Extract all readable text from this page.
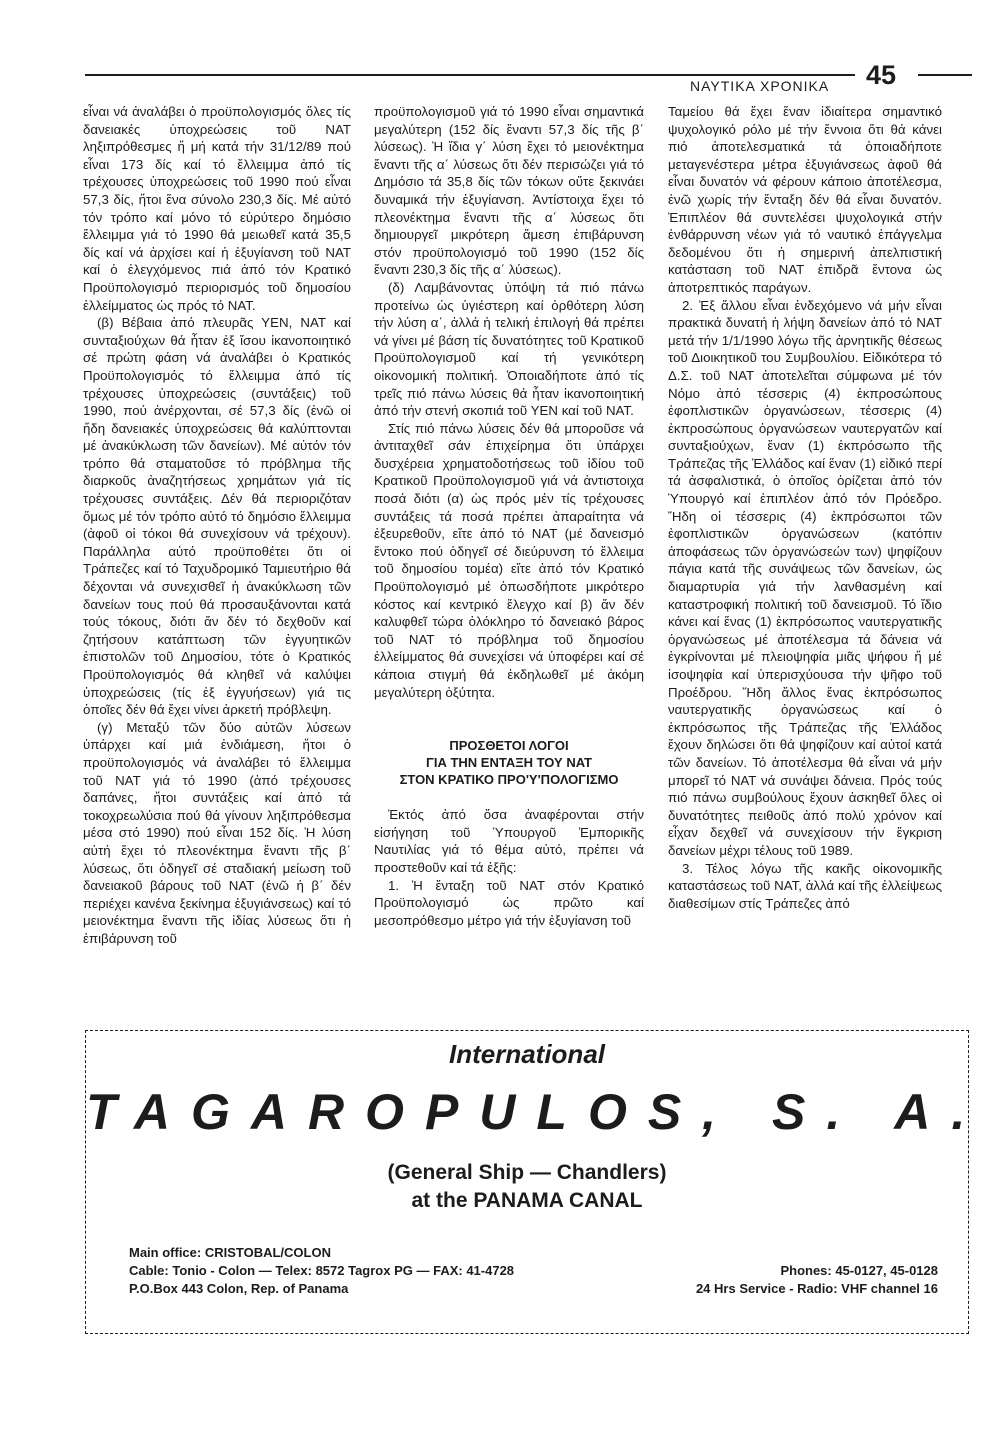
ΝΑΥΤΙΚΑ ΧΡΟΝΙΚΑ 45

εἶναι νά ἀναλάβει ὁ προϋπολογισμός ὅλες τίς δανειακές ὑποχρεώσεις τοῦ ΝΑΤ ληξιπρόθεσμες ἤ μή κατά τήν 31/12/89 πού εἶναι 173 δίς καί τό ἔλλειμμα ἀπό τίς τρέχουσες ὑποχρεώσεις τοῦ 1990 πού εἶναι 57,3 δίς, ἤτοι ἕνα σύνολο 230,3 δίς. Μέ αὐτό τόν τρόπο καί μόνο τό εὐρύτερο δημόσιο ἔλλειμμα γιά τό 1990 θά μειωθεῖ κατά 35,5 δίς καί νά ἀρχίσει καί ἡ ἐξυγίανση τοῦ ΝΑΤ καί ὁ ἐλεγχόμενος πιά ἀπό τόν Κρατικό Προϋπολογισμό περιορισμός τοῦ δημοσίου ἐλλείμματος ὡς πρός τό ΝΑΤ.

(β) Βέβαια ἀπό πλευρᾶς ΥΕΝ, ΝΑΤ καί συνταξιούχων θά ἦταν ἐξ ἴσου ἱκανοποιητικό σέ πρώτη φάση νά ἀναλάβει ὁ Κρατικός Προϋπολογισμός τό ἔλλειμμα ἀπό τίς τρέχουσες ὑποχρεώσεις (συντάξεις) τοῦ 1990, πού ἀνέρχονται, σέ 57,3 δίς (ἐνῶ οἱ ἤδη δανειακές ὑποχρεώσεις θά καλύπτονται μέ ἀνακύκλωση τῶν δανείων). Μέ αὐτόν τόν τρόπο θά σταματοῦσε τό πρόβλημα τῆς διαρκοῦς ἀναζητήσεως χρημάτων γιά τίς τρέχουσες συντάξεις. Δέν θά περιοριζόταν ὅμως μέ τόν τρόπο αὐτό τό δημόσιο ἔλλειμμα (ἀφοῦ οἱ τόκοι θά συνεχίσουν νά τρέχουν). Παράλληλα αὐτό προϋποθέτει ὅτι οἱ Τράπεζες καί τό Ταχυδρομικό Ταμιευτήριο θά δέχονται νά συνεχισθεῖ ἡ ἀνακύκλωση τῶν δανείων τους πού θά προσαυξάνονται κατά τούς τόκους, διότι ἄν δέν τό δεχθοῦν καί ζητήσουν κατάπτωση τῶν ἐγγυητικῶν ἐπιστολῶν τοῦ Δημοσίου, τότε ὁ Κρατικός Προϋπολογισμός θά κληθεῖ νά καλύψει ὑποχρεώσεις (τίς ἐξ ἐγγυήσεων) γιά τις ὁποῖες δέν θά ἔχει νίνει ἀρκετή πρόβλεψη.

(γ) Μεταξύ τῶν δύο αὐτῶν λύσεων ὑπάρχει καί μιά ἐνδιάμεση, ἤτοι ὁ προϋπολογισμός νά ἀναλάβει τό ἔλλειμμα τοῦ ΝΑΤ γιά τό 1990 (ἀπό τρέχουσες δαπάνες, ἤτοι συντάξεις καί ἀπό τά τοκοχρεωλύσια πού θά γίνουν ληξιπρόθεσμα μέσα στό 1990) πού εἶναι 152 δίς. Ἡ λύση αὐτή ἔχει τό πλεονέκτημα ἔναντι τῆς β΄ λύσεως, ὅτι ὁδηγεῖ σέ σταδιακή μείωση τοῦ δανειακοῦ βάρους τοῦ ΝΑΤ (ἐνῶ ἡ β΄ δέν περιέχει κανένα ξεκίνημα ἐξυγιάνσεως) καί τό μειονέκτημα ἔναντι τῆς ἰδίας λύσεως ὅτι ἡ ἐπιβάρυνση τοῦ

προϋπολογισμοῦ γιά τό 1990 εἶναι σημαντικά μεγαλύτερη (152 δίς ἔναντι 57,3 δίς τῆς β΄ λύσεως). Ἡ ἴδια γ΄ λύση ἔχει τό μειονέκτημα ἔναντι τῆς α΄ λύσεως ὅτι δέν περισώζει γιά τό Δημόσιο τά 35,8 δίς τῶν τόκων οὔτε ξεκινάει δυναμικά τήν ἐξυγίανση. Ἀντίστοιχα ἔχει τό πλεονέκτημα ἔναντι τῆς α΄ λύσεως ὅτι δημιουργεῖ μικρότερη ἄμεση ἐπιβάρυνση στόν προϋπολογισμό τοῦ 1990 (152 δίς ἔναντι 230,3 δίς τῆς α΄ λύσεως).

(δ) Λαμβάνοντας ὑπόψη τά πιό πάνω προτείνω ὡς ὑγιέστερη καί ὀρθότερη λύση τήν λύση α΄, ἀλλά ἡ τελική ἐπιλογή θά πρέπει νά γίνει μέ βάση τίς δυνατότητες τοῦ Κρατικοῦ Προϋπολογισμοῦ καί τή γενικότερη οἰκονομική πολιτική. Ὁποιαδήποτε ἀπό τίς τρεῖς πιό πάνω λύσεις θά ἦταν ἱκανοποιητική ἀπό τήν στενή σκοπιά τοῦ ΥΕΝ καί τοῦ ΝΑΤ.

Στίς πιό πάνω λύσεις δέν θά μποροῦσε νά ἀντιταχθεῖ σάν ἐπιχείρημα ὅτι ὑπάρχει δυσχέρεια χρηματοδοτήσεως τοῦ ἰδίου τοῦ Κρατικοῦ Προϋπολογισμοῦ γιά νά ἀντιστοιχα ποσά διότι (α) ὡς πρός μέν τίς τρέχουσες συντάξεις τά ποσά πρέπει ἀπαραίτητα νά ἐξευρεθοῦν, εἴτε ἀπό τό ΝΑΤ (μέ δανεισμό ἔντοκο πού ὁδηγεῖ σέ διεύρυνση τό ἔλλειμα τοῦ δημοσίου τομέα) εἴτε ἀπό τόν Κρατικό Προϋπολογισμό μέ ὁπωσδήποτε μικρότερο κόστος καί κεντρικό ἔλεγχο καί β) ἄν δέν καλυφθεῖ τώρα ὁλόκληρο τό δανειακό βάρος τοῦ ΝΑΤ τό πρόβλημα τοῦ δημοσίου ἐλλείμματος θά συνεχίσει νά ὑποφέρει καί σέ κάποια στιγμή θά ἐκδηλωθεῖ μέ ἀκόμη μεγαλύτερη ὀξύτητα.

ΠΡΟΣΘΕΤΟΙ ΛΟΓΟΙ
ΓΙΑ ΤΗΝ ΕΝΤΑΞΗ ΤΟΥ ΝΑΤ
ΣΤΟΝ ΚΡΑΤΙΚΟ ΠΡΟ'Υ'ΠΟΛΟΓΙΣΜΟ

Ἐκτός ἀπό ὅσα ἀναφέρονται στήν εἰσήγηση τοῦ Ὑπουργοῦ Ἐμπορικῆς Ναυτιλίας γιά τό θέμα αὐτό, πρέπει νά προστεθοῦν καί τά ἑξῆς:

1. Ἡ ἔνταξη τοῦ ΝΑΤ στόν Κρατικό Προϋπολογισμό ὡς πρῶτο καί μεσοπρόθεσμο μέτρο γιά τήν ἐξυγίανση τοῦ

Ταμείου θά ἔχει ἕναν ἰδιαίτερα σημαντικό ψυχολογικό ρόλο μέ τήν ἔννοια ὅτι θά κάνει πιό ἀποτελεσματικά τά ὁποιαδήποτε μεταγενέστερα μέτρα ἐξυγιάνσεως ἀφοῦ θά εἶναι δυνατόν νά φέρουν κάποιο ἀποτέλεσμα, ἐνῶ χωρίς τήν ἔνταξη δέν θά εἶναι δυνατόν. Ἐπιπλέον θά συντελέσει ψυχολογικά στήν ἐνθάρρυνση νέων γιά τό ναυτικό ἐπάγγελμα δεδομένου ὅτι ἡ σημερινή ἀπελπιστική κατάσταση τοῦ ΝΑΤ ἐπιδρᾶ ἔντονα ὡς ἀποτρεπτικός παράγων.

2. Ἐξ ἄλλου εἶναι ἐνδεχόμενο νά μήν εἶναι πρακτικά δυνατή ἡ λήψη δανείων ἀπό τό ΝΑΤ μετά τήν 1/1/1990 λόγω τῆς ἀρνητικῆς θέσεως τοῦ Διοικητικοῦ του Συμβουλίου. Εἰδικότερα τό Δ.Σ. τοῦ ΝΑΤ ἀποτελεῖται σύμφωνα μέ τόν Νόμο ἀπό τέσσερις (4) ἐκπροσώπους ἐφοπλιστικῶν ὀργανώσεων, τέσσερις (4) ἐκπροσώπους ὀργανώσεων ναυτεργατῶν καί συνταξιούχων, ἕναν (1) ἐκπρόσωπο τῆς Τράπεζας τῆς Ἑλλάδος καί ἕναν (1) εἰδικό περί τά ἀσφαλιστικά, ὁ ὁποῖος ὁρίζεται ἀπό τόν Ὑπουργό καί ἐπιπλέον ἀπό τόν Πρόεδρο. Ἤδη οἱ τέσσερις (4) ἐκπρόσωποι τῶν ἐφοπλιστικῶν ὀργανώσεων (κατόπιν ἀποφάσεως τῶν ὀργανώσεών των) ψηφίζουν πάγια κατά τῆς συνάψεως τῶν δανείων, ὡς διαμαρτυρία γιά τήν λανθασμένη καί καταστροφική πολιτική τοῦ δανεισμοῦ. Τό ἴδιο κάνει καί ἕνας (1) ἐκπρόσωπος ναυτεργατικῆς ὀργανώσεως μέ ἀποτέλεσμα τά δάνεια νά ἐγκρίνονται μέ πλειοψηφία μιᾶς ψήφου ἤ μέ ἰσοψηφία καί ὑπερισχύουσα τήν ψῆφο τοῦ Προέδρου. Ἤδη ἄλλος ἕνας ἐκπρόσωπος ναυτεργατικῆς ὀργανώσεως καί ὁ ἐκπρόσωπος τῆς Τράπεζας τῆς Ἑλλάδος ἔχουν δηλώσει ὅτι θά ψηφίζουν καί αὐτοί κατά τῶν δανείων. Τό ἀποτέλεσμα θά εἶναι νά μήν μπορεῖ τό ΝΑΤ νά συνάψει δάνεια. Πρός τούς πιό πάνω συμβούλους ἔχουν ἀσκηθεῖ ὅλες οἱ δυνατότητες πειθοῦς ἀπό πολύ χρόνον καί εἶχαν δεχθεῖ νά συνεχίσουν τήν ἔγκριση δανείων μέχρι τέλους τοῦ 1989.

3. Τέλος λόγω τῆς κακῆς οἰκονομικῆς καταστάσεως τοῦ ΝΑΤ, ἀλλά καί τῆς ἐλλείψεως διαθεσίμων στίς Τράπεζες ἀπό

International
TAGAROPULOS, S. A.
(General Ship — Chandlers)
at the PANAMA CANAL
Main office: CRISTOBAL/COLON
Cable: Tonio - Colon — Telex: 8572 Tagrox PG — FAX: 41-4728
P.O.Box 443 Colon, Rep. of Panama
Phones: 45-0127, 45-0128
24 Hrs Service - Radio: VHF channel 16
